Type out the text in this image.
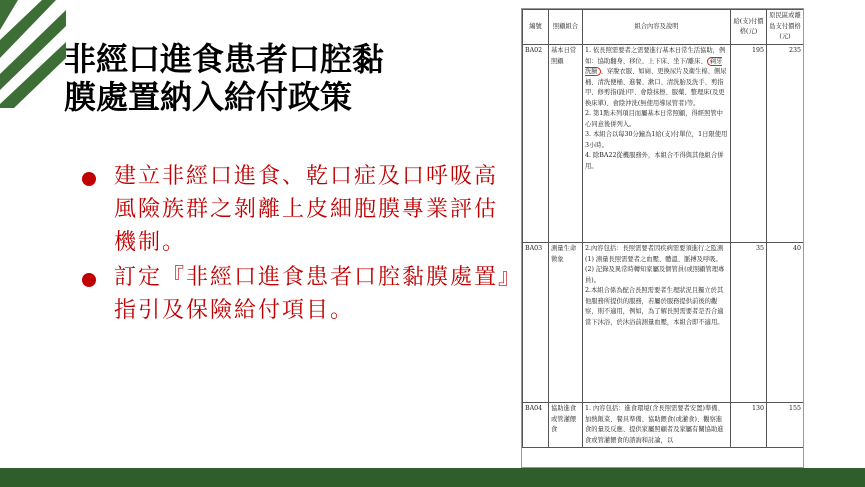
非經口進食患者口腔黏
膜處置納入給付政策
建立非經口進食、乾口症及口呼吸高風險族群之剝離上皮細胞膜專業評估機制。
訂定『非經口進食患者口腔黏膜處置』指引及保險給付項目。
編號	照顧組合	組合內容及說明	給(支)付價格(元)	原民區或離島支付價格(元)
BA02	基本日常照顧	1. 依長照需要者之需要進行基本日常生活協助，例如：協助翻身、移位、上下床、坐下/離床、 剃牙洗臉 、穿脫衣服、如廁、更換尿片及衛生棉、側尿桶、清洗便桶、進餐、漱口、清洗胎及洗手、剪指甲、修剪指(趾)甲、會陰抹擦、服藥、整理床(及更換床單)、會陰沖洗(無使用導尿管者)等。
2. 第1點未列項目而屬基本日常照顧，得經照管中心同意後併列入。
3. 本組合以每30分鐘為1給(支)付單位，1日限使用3小時。
4. 除BA22從機服務外，本組合不得與其他組合併用。	195	235
BA03	測量生命徵象	2.內容包括：長照需要者因疾病需要須進行之監測
(1) 測量長照需要者之血壓、體溫、脈搏及呼吸。
(2) 記錄及異常時轉知家屬及個管員(或照顧管理專員)。
2.本組合係為配合長照需要者生理狀況且獨立於其他服務所提供的服務，若屬於服務提供前後的觀察，則不適用，例如，為了解長照需要者是否合適當下沐浴，於沐浴前測量血壓，本組合即不適用。	35	40
BA04	協助進食或管灌餵食	1. 內容包括：進食環境(含長照需要者安置)準備、加熱飯菜、餐具準備、協助餵食(或灌食)、觀察進食的量及反應、提供家屬照顧者及家屬有關協助進食或管灌餵食的諮詢和討論，以	130	155
